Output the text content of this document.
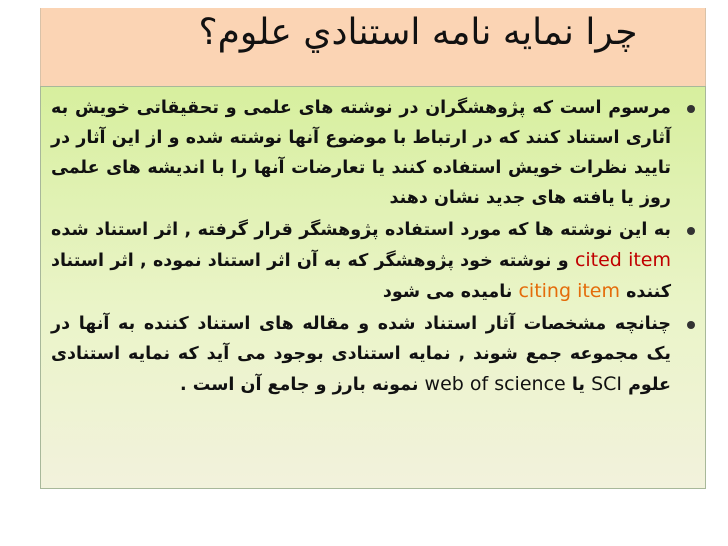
چرا نمایه نامه استنادي علوم؟
مرسوم است که پژوهشگران در نوشته های علمی و تحقیقاتی خویش به آثاری استناد کنند که در ارتباط با موضوع آنها نوشته شده و از این آثار در تایید نظرات خویش استفاده کنند یا تعارضات آنها را با اندیشه های علمی روز یا یافته های جدید نشان دهند
به این نوشته ها که مورد استفاده پژوهشگر قرار گرفته , اثر استناد شده cited item و نوشته خود پژوهشگر که به آن اثر استناد نموده , اثر استناد کننده citing item نامیده می شود
چنانچه مشخصات آثار استناد شده و مقاله های استناد کننده به آنها در یک مجموعه جمع شوند , نمایه استنادی بوجود می آید که نمایه استنادی علوم SCI یا web of science نمونه بارز و جامع آن است .
